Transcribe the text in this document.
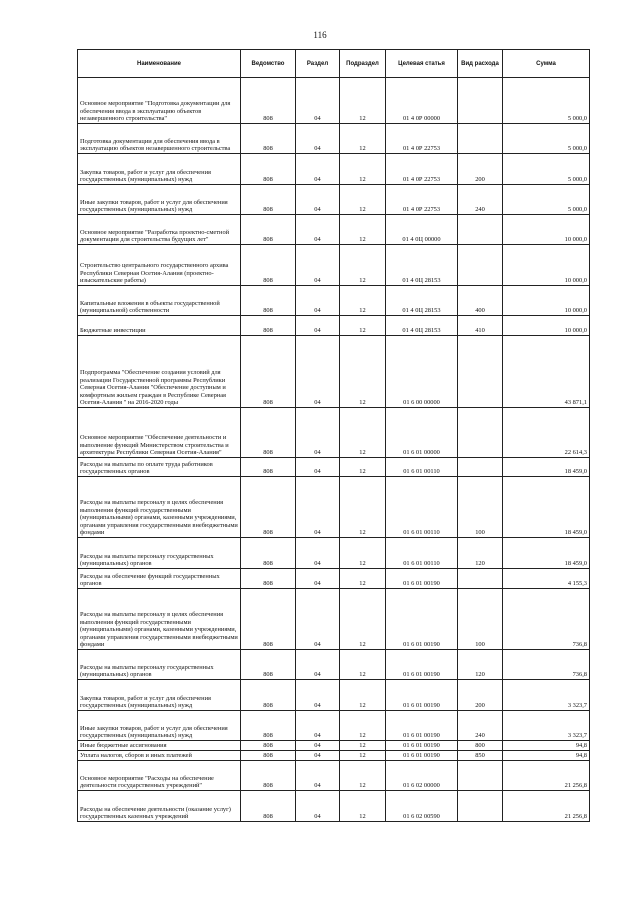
116
Наименование	Ведомство	Раздел	Подраздел	Целевая статья	Вид расхода	Сумма
Основное мероприятие "Подготовка документации для обеспечения ввода в эксплуатацию объектов незавершенного строительства"	808	04	12	01 4 0Р 00000		5 000,0
Подготовка документации для обеспечения ввода в эксплуатацию объектов незавершенного строительства	808	04	12	01 4 0Р 22753		5 000,0
Закупка товаров, работ и услуг для обеспечения государственных (муниципальных) нужд	808	04	12	01 4 0Р 22753	200	5 000,0
Иные закупки товаров, работ и услуг для обеспечения государственных (муниципальных) нужд	808	04	12	01 4 0Р 22753	240	5 000,0
Основное мероприятие "Разработка проектно-сметной документации для строительства будущих лет"	808	04	12	01 4 0Ц 00000		10 000,0
Строительство центрального государственного архива Республики Северная Осетия-Алания (проектно-изыскательские работы)	808	04	12	01 4 0Ц 28153		10 000,0
Капитальные вложения в объекты государственной (муниципальной) собственности	808	04	12	01 4 0Ц 28153	400	10 000,0
Бюджетные инвестиции	808	04	12	01 4 0Ц 28153	410	10 000,0
Подпрограмма "Обеспечение создания условий для реализации Государственной программы Республики Северная Осетия-Алания "Обеспечение доступным и комфортным жильем граждан в Республике Северная Осетия-Алания " на 2016-2020 годы	808	04	12	01 6 00 00000		43 871,1
Основное мероприятие "Обеспечение деятельности и выполнение функций Министерством строительства и архитектуры Республики Северная Осетия-Алания"	808	04	12	01 6 01 00000		22 614,3
Расходы на выплаты по оплате труда работников государственных органов	808	04	12	01 6 01 00110		18 459,0
Расходы на выплаты персоналу в целях обеспечения выполнения функций государственными (муниципальными) органами, казенными учреждениями, органами управления государственными внебюджетными фондами	808	04	12	01 6 01 00110	100	18 459,0
Расходы на выплаты персоналу государственных (муниципальных) органов	808	04	12	01 6 01 00110	120	18 459,0
Расходы на обеспечение функций государственных органов	808	04	12	01 6 01 00190		4 155,3
Расходы на выплаты персоналу в целях обеспечения выполнения функций государственными (муниципальными) органами, казенными учреждениями, органами управления государственными внебюджетными фондами	808	04	12	01 6 01 00190	100	736,8
Расходы на выплаты персоналу государственных (муниципальных) органов	808	04	12	01 6 01 00190	120	736,8
Закупка товаров, работ и услуг для обеспечения государственных (муниципальных) нужд	808	04	12	01 6 01 00190	200	3 323,7
Иные закупки товаров, работ и услуг для обеспечения государственных (муниципальных) нужд	808	04	12	01 6 01 00190	240	3 323,7
Иные бюджетные ассигнования	808	04	12	01 6 01 00190	800	94,8
Уплата налогов, сборов и иных платежей	808	04	12	01 6 01 00190	850	94,8
Основное мероприятие "Расходы на обеспечение деятельности государственных учреждений"	808	04	12	01 6 02 00000		21 256,8
Расходы на обеспечение деятельности (оказание услуг) государственных казенных учреждений	808	04	12	01 6 02 00590		21 256,8
